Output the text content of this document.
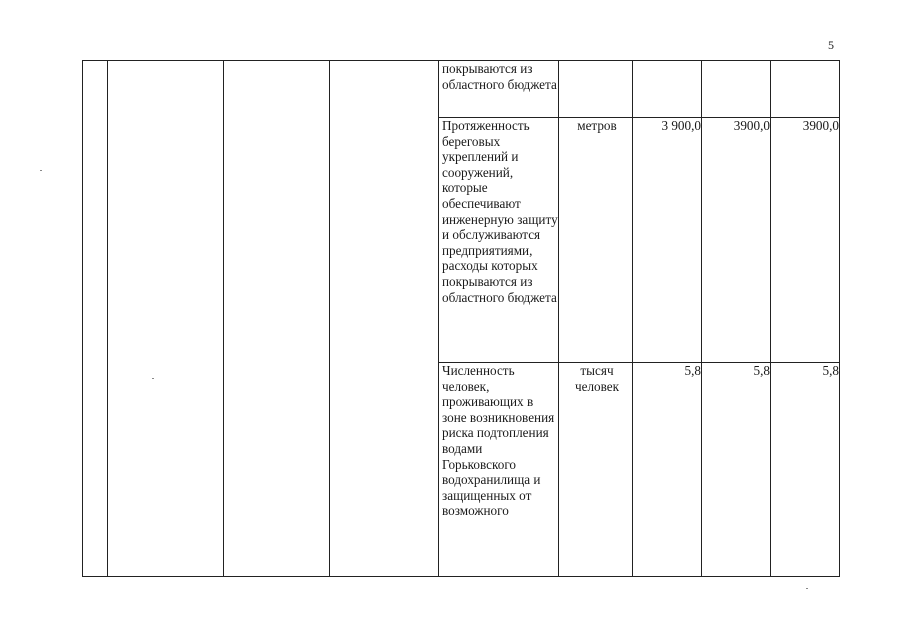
5
				покрываются из областного бюджета				
				Протяженность береговых укреплений и сооружений, которые обеспечивают инженерную защиту и обслуживаются предприятиями, расходы которых покрываются из областного бюджета	метров	3 900,0	3900,0	3900,0

				Численность человек, проживающих в зоне возникновения риска подтопления водами Горьковского водохранилища и защищенных от возможного	тысяч человек	5,8	5,8	5,8
